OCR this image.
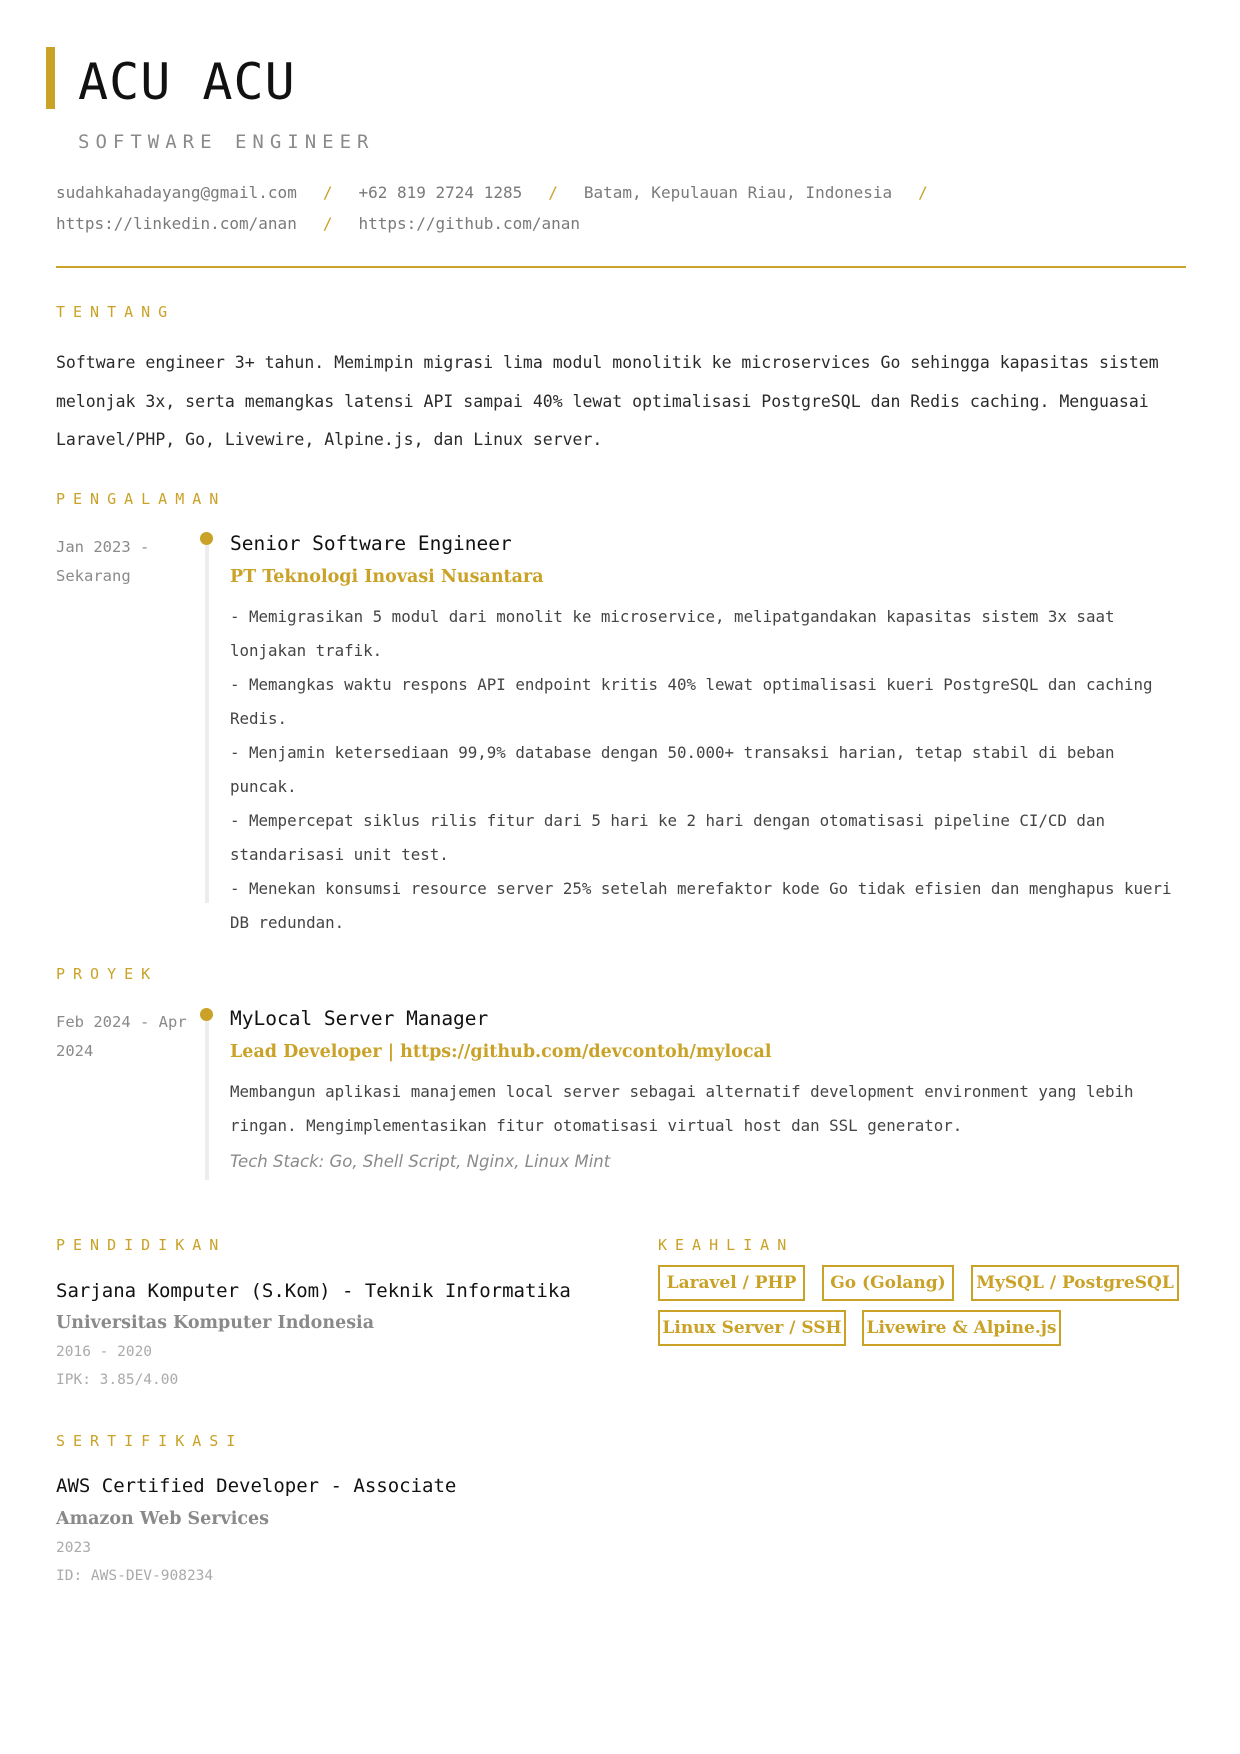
ACU ACU
SOFTWARE ENGINEER
sudahkahadayang@gmail.com / +62 819 2724 1285 / Batam, Kepulauan Riau, Indonesia /
https://linkedin.com/anan / https://github.com/anan
TENTANG
Software engineer 3+ tahun. Memimpin migrasi lima modul monolitik ke microservices Go sehingga kapasitas sistem
melonjak 3x, serta memangkas latensi API sampai 40% lewat optimalisasi PostgreSQL dan Redis caching. Menguasai
Laravel/PHP, Go, Livewire, Alpine.js, dan Linux server.
PENGALAMAN
Jan 2023 -
Sekarang
Senior Software Engineer
PT Teknologi Inovasi Nusantara
- Memigrasikan 5 modul dari monolit ke microservice, melipatgandakan kapasitas sistem 3x saat
lonjakan trafik.
- Memangkas waktu respons API endpoint kritis 40% lewat optimalisasi kueri PostgreSQL dan caching
Redis.
- Menjamin ketersediaan 99,9% database dengan 50.000+ transaksi harian, tetap stabil di beban puncak.
- Mempercepat siklus rilis fitur dari 5 hari ke 2 hari dengan otomatisasi pipeline CI/CD dan
standarisasi unit test.
- Menekan konsumsi resource server 25% setelah merefaktor kode Go tidak efisien dan menghapus kueri
DB redundan.
PROYEK
Feb 2024 - Apr
2024
MyLocal Server Manager
Lead Developer | https://github.com/devcontoh/mylocal
Membangun aplikasi manajemen local server sebagai alternatif development environment yang lebih
ringan. Mengimplementasikan fitur otomatisasi virtual host dan SSL generator.
Tech Stack: Go, Shell Script, Nginx, Linux Mint
PENDIDIKAN
Sarjana Komputer (S.Kom) - Teknik Informatika
Universitas Komputer Indonesia
2016 - 2020
IPK: 3.85/4.00
KEAHLIAN
Laravel / PHP	Go (Golang)	MySQL / PostgreSQL
Linux Server / SSH Livewire & Alpine.js
SERTIFIKASI
AWS Certified Developer - Associate
Amazon Web Services
2023
ID: AWS-DEV-908234
